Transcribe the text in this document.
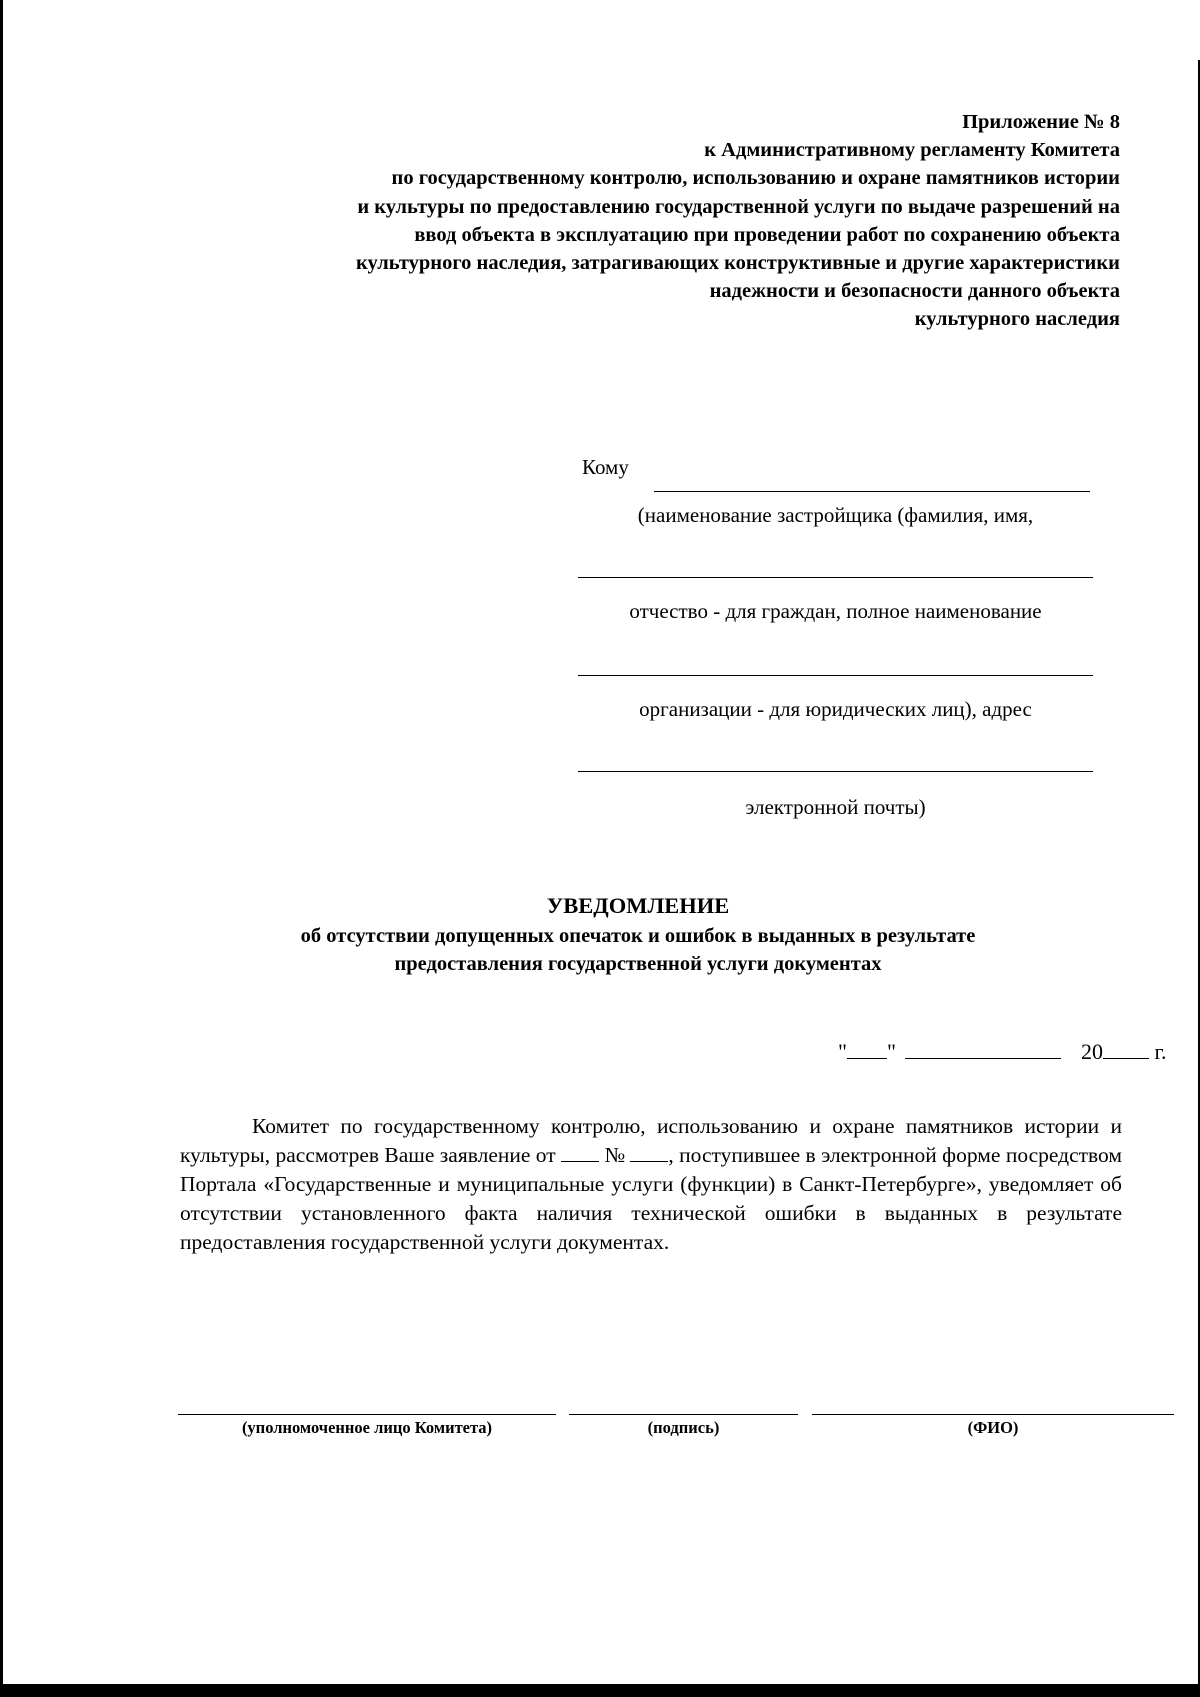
Приложение № 8
к Административному регламенту Комитета
по государственному контролю, использованию и охране памятников истории
и культуры по предоставлению государственной услуги по выдаче разрешений на
ввод объекта в эксплуатацию при проведении работ по сохранению объекта
культурного наследия, затрагивающих конструктивные и другие характеристики
надежности и безопасности данного объекта
культурного наследия
Кому
(наименование застройщика (фамилия, имя,
отчество - для граждан, полное наименование
организации - для юридических лиц), адрес
электронной почты)
УВЕДОМЛЕНИЕ
об отсутствии допущенных опечаток и ошибок в выданных в результате
предоставления государственной услуги документах
" "	20 г.
Комитет по государственному контролю, использованию и охране памятников истории и культуры, рассмотрев Ваше заявление от № , поступившее в электронной форме посредством Портала «Государственные и муниципальные услуги (функции) в Санкт-Петербурге», уведомляет об отсутствии установленного факта наличия технической ошибки в выданных в результате предоставления государственной услуги документах.
(уполномоченное лицо Комитета)	(подпись)	(ФИО)
